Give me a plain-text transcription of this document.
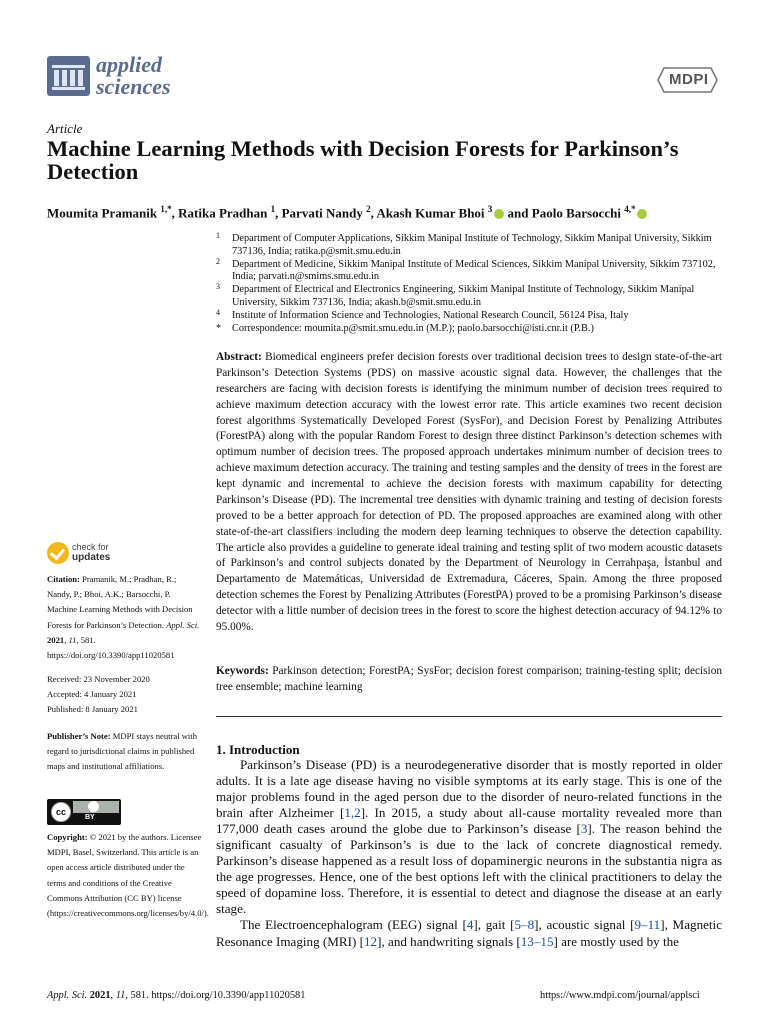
applied
sciences	MDPI
Article
Machine Learning Methods with Decision Forests for Parkinson’s Detection
Moumita Pramanik $^{1,*}$, Ratika Pradhan $^1$, Parvati Nandy $^2$, Akash Kumar Bhoi $^3$ and Paolo Barsocchi $^{4,*}$
1 Department of Computer Applications, Sikkim Manipal Institute of Technology, Sikkim Manipal University, Sikkim 737136, India; ratika.p@smit.smu.edu.in
2 Department of Medicine, Sikkim Manipal Institute of Medical Sciences, Sikkim Manipal University, Sikkim 737102, India; parvati.n@smims.smu.edu.in
3 Department of Electrical and Electronics Engineering, Sikkim Manipal Institute of Technology, Sikkim Manipal University, Sikkim 737136, India; akash.b@smit.smu.edu.in
4 Institute of Information Science and Technologies, National Research Council, 56124 Pisa, Italy
* Correspondence: moumita.p@smit.smu.edu.in (M.P.); paolo.barsocchi@isti.cnr.it (P.B.)
Abstract: Biomedical engineers prefer decision forests over traditional decision trees to design state-of-the-art Parkinson’s Detection Systems (PDS) on massive acoustic signal data. However, the challenges that the researchers are facing with decision forests is identifying the minimum number of decision trees required to achieve maximum detection accuracy with the lowest error rate. This article examines two recent decision forest algorithms Systematically Developed Forest (SysFor), and Decision Forest by Penalizing Attributes (ForestPA) along with the popular Random Forest to design three distinct Parkinson’s detection schemes with optimum number of decision trees. The proposed approach undertakes minimum number of decision trees to achieve maximum detection accuracy. The training and testing samples and the density of trees in the forest are kept dynamic and incremental to achieve the decision forests with maximum capability for detecting Parkinson’s Disease (PD). The incremental tree densities with dynamic training and testing of decision forests proved to be a better approach for detection of PD. The proposed approaches are examined along with other state-of-the-art classifiers including the modern deep learning techniques to observe the detection capability. The article also provides a guideline to generate ideal training and testing split of two modern acoustic datasets of Parkinson’s and control subjects donated by the Department of Neurology in Cerrahpaşa, İstanbul and Departamento de Matemáticas, Universidad de Extremadura, Cáceres, Spain. Among the three proposed detection schemes the Forest by Penalizing Attributes (ForestPA) proved to be a promising Parkinson’s disease detector with a little number of decision trees in the forest to score the highest detection accuracy of 94.12% to 95.00%.
Keywords: Parkinson detection; ForestPA; SysFor; decision forest comparison; training-testing split; decision tree ensemble; machine learning
check for
updates
Citation: Pramanik, M.; Pradhan, R.; Nandy, P.; Bhoi, A.K.; Barsocchi, P. Machine Learning Methods with Decision Forests for Parkinson’s Detection. Appl. Sci. 2021, 11, 581. https://doi.org/10.3390/app11020581
Received: 23 November 2020
Accepted: 4 January 2021
Published: 8 January 2021
Publisher’s Note: MDPI stays neutral with regard to jurisdictional claims in published maps and institutional affiliations.
cc
BY
Copyright: © 2021 by the authors. Licensee MDPI, Basel, Switzerland. This article is an open access article distributed under the terms and conditions of the Creative Commons Attribution (CC BY) license (https://creativecommons.org/licenses/by/4.0/).
1. Introduction

Parkinson’s Disease (PD) is a neurodegenerative disorder that is mostly reported in older adults. It is a late age disease having no visible symptoms at its early stage. This is one of the major problems found in the aged person due to the disorder of neuro-related functions in the brain after Alzheimer [1,2]. In 2015, a study about all-cause mortality revealed more than 177,000 death cases around the globe due to Parkinson’s disease [3]. The reason behind the significant casualty of Parkinson’s is due to the lack of concrete diagnostical remedy. Parkinson’s disease happened as a result loss of dopaminergic neurons in the substantia nigra as the age progresses. Hence, one of the best options left with the clinical practitioners to delay the speed of dopamine loss. Therefore, it is essential to detect and diagnose the disease at an early stage.

The Electroencephalogram (EEG) signal [4], gait [5–8], acoustic signal [9–11], Magnetic Resonance Imaging (MRI) [12], and handwriting signals [13–15] are mostly used by the

Appl. Sci. 2021, 11, 581. https://doi.org/10.3390/app11020581	https://www.mdpi.com/journal/applsci
